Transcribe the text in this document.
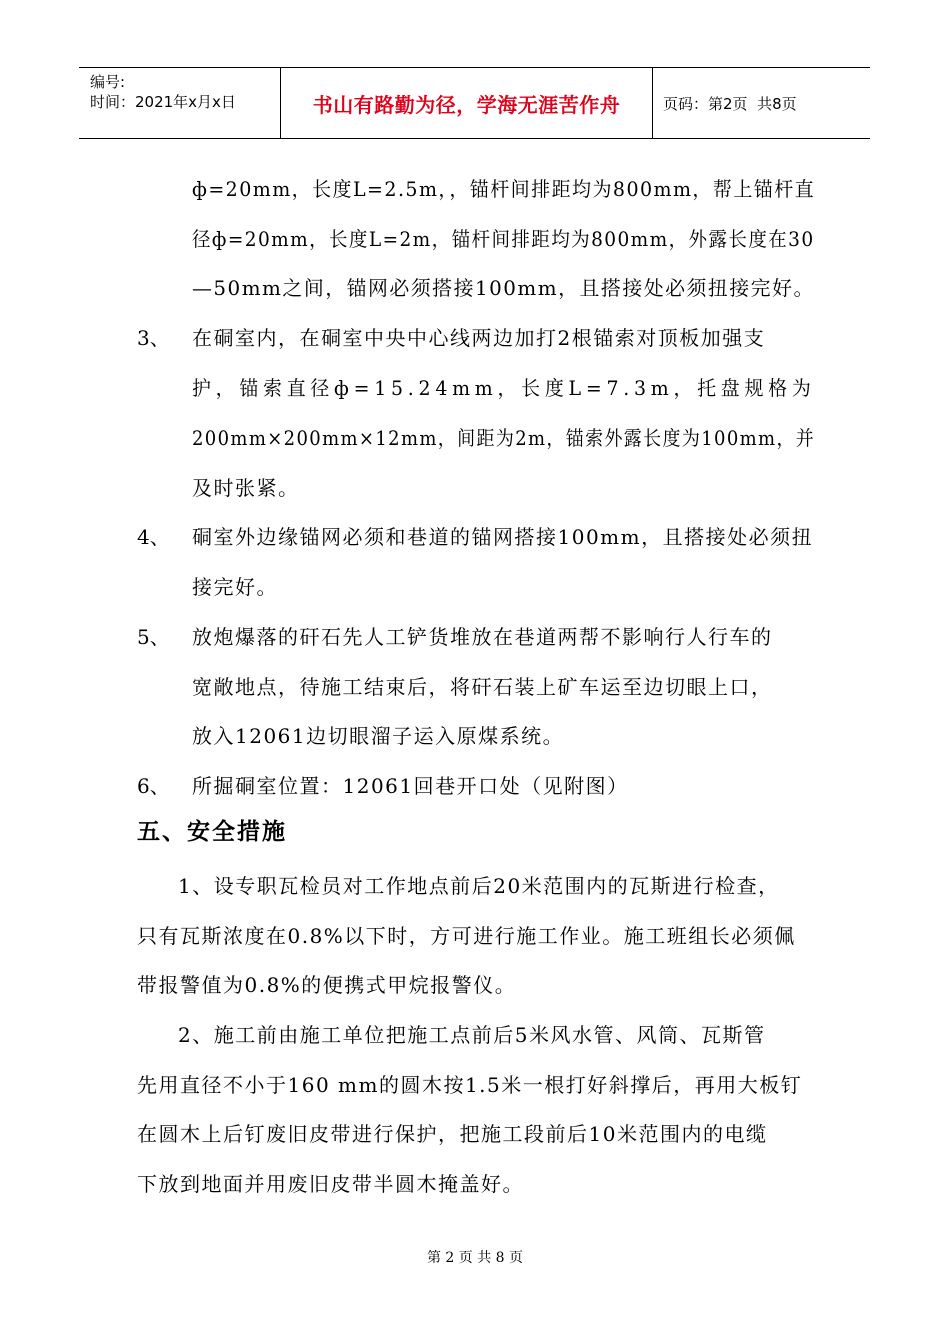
编号:
时间：2021年x月x日	书山有路勤为径，学海无涯苦作舟	页码：第2页  共8页
ф=20mm，长度L=2.5m，，锚杆间排距均为800mm，帮上锚杆直
径ф=20mm，长度L=2m，锚杆间排距均为800mm，外露长度在30
—50mm之间，锚网必须搭接100mm，且搭接处必须扭接完好。
3、 在硐室内，在硐室中央中心线两边加打2根锚索对顶板加强支
护，锚索直径ф=15.24mm，长度L=7.3m，托盘规格为
200mm×200mm×12mm，间距为2m，锚索外露长度为100mm，并
及时张紧。
4、 硐室外边缘锚网必须和巷道的锚网搭接100mm，且搭接处必须扭
接完好。
5、 放炮爆落的矸石先人工铲货堆放在巷道两帮不影响行人行车的
宽敞地点，待施工结束后，将矸石装上矿车运至边切眼上口，
放入12061边切眼溜子运入原煤系统。
6、 所掘硐室位置：12061回巷开口处（见附图）
五、安全措施
1、设专职瓦检员对工作地点前后20米范围内的瓦斯进行检查，
只有瓦斯浓度在0.8%以下时，方可进行施工作业。施工班组长必须佩
带报警值为0.8%的便携式甲烷报警仪。
2、施工前由施工单位把施工点前后5米风水管、风筒、瓦斯管
先用直径不小于160 mm的圆木按1.5米一根打好斜撑后，再用大板钉
在圆木上后钉废旧皮带进行保护，把施工段前后10米范围内的电缆
下放到地面并用废旧皮带半圆木掩盖好。
第 2 页 共 8 页
